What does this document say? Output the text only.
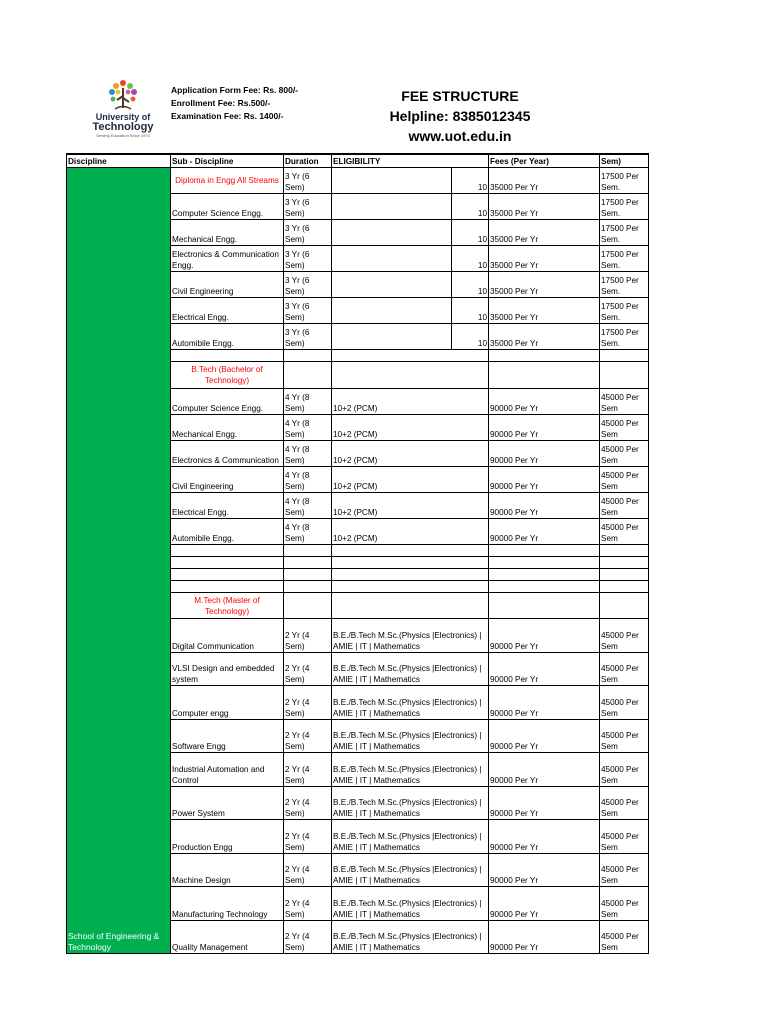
University of
Technology
Serving Education Since 1970
Application Form Fee: Rs. 800/-
Enrollment Fee: Rs.500/-
Examination Fee: Rs. 1400/-
FEE STRUCTURE
Helpline: 8385012345
www.uot.edu.in
Discipline	Sub - Discipline	Duration	ELIGIBILITY		Fees (Per Year)	Sem)

School of Engineering & Technology	Diploma in Engg All Streams	3 Yr (6 Sem)		10	35000 Per Yr	17500 Per Sem.
	Computer Science Engg.	3 Yr (6 Sem)		10	35000 Per Yr	17500 Per Sem.
	Mechanical Engg.	3 Yr (6 Sem)		10	35000 Per Yr	17500 Per Sem.
	Electronics & Communication Engg.	3 Yr (6 Sem)		10	35000 Per Yr	17500 Per Sem.
	Civil Engineering	3 Yr (6 Sem)		10	35000 Per Yr	17500 Per Sem.
	Electrical Engg.	3 Yr (6 Sem)		10	35000 Per Yr	17500 Per Sem.
	Automibile Engg.	3 Yr (6 Sem)		10	35000 Per Yr	17500 Per Sem.

	B.Tech (Bachelor of Technology)					
	Computer Science Engg.	4 Yr (8 Sem)	10+2 (PCM)		90000 Per Yr	45000 Per Sem
	Mechanical Engg.	4 Yr (8 Sem)	10+2 (PCM)		90000 Per Yr	45000 Per Sem
	Electronics & Communication	4 Yr (8 Sem)	10+2 (PCM)		90000 Per Yr	45000 Per Sem
	Civil Engineering	4 Yr (8 Sem)	10+2 (PCM)		90000 Per Yr	45000 Per Sem
	Electrical Engg.	4 Yr (8 Sem)	10+2 (PCM)		90000 Per Yr	45000 Per Sem
	Automibile Engg.	4 Yr (8 Sem)	10+2 (PCM)		90000 Per Yr	45000 Per Sem

	M.Tech (Master of Technology)					
	Digital Communication	2 Yr (4 Sem)	B.E./B.Tech M.Sc.(Physics |Electronics) | AMIE | IT | Mathematics		90000 Per Yr	45000 Per Sem
	VLSI Design and embedded system	2 Yr (4 Sem)	B.E./B.Tech M.Sc.(Physics |Electronics) | AMIE | IT | Mathematics		90000 Per Yr	45000 Per Sem
	Computer engg	2 Yr (4 Sem)	B.E./B.Tech M.Sc.(Physics |Electronics) | AMIE | IT | Mathematics		90000 Per Yr	45000 Per Sem
	Software Engg	2 Yr (4 Sem)	B.E./B.Tech M.Sc.(Physics |Electronics) | AMIE | IT | Mathematics		90000 Per Yr	45000 Per Sem
	Industrial Automation and Control	2 Yr (4 Sem)	B.E./B.Tech M.Sc.(Physics |Electronics) | AMIE | IT | Mathematics		90000 Per Yr	45000 Per Sem
	Power System	2 Yr (4 Sem)	B.E./B.Tech M.Sc.(Physics |Electronics) | AMIE | IT | Mathematics		90000 Per Yr	45000 Per Sem
	Production Engg	2 Yr (4 Sem)	B.E./B.Tech M.Sc.(Physics |Electronics) | AMIE | IT | Mathematics		90000 Per Yr	45000 Per Sem
	Machine Design	2 Yr (4 Sem)	B.E./B.Tech M.Sc.(Physics |Electronics) | AMIE | IT | Mathematics		90000 Per Yr	45000 Per Sem
	Manufacturing Technology	2 Yr (4 Sem)	B.E./B.Tech M.Sc.(Physics |Electronics) | AMIE | IT | Mathematics		90000 Per Yr	45000 Per Sem
	Quality Management	2 Yr (4 Sem)	B.E./B.Tech M.Sc.(Physics |Electronics) | AMIE | IT | Mathematics		90000 Per Yr	45000 Per Sem
